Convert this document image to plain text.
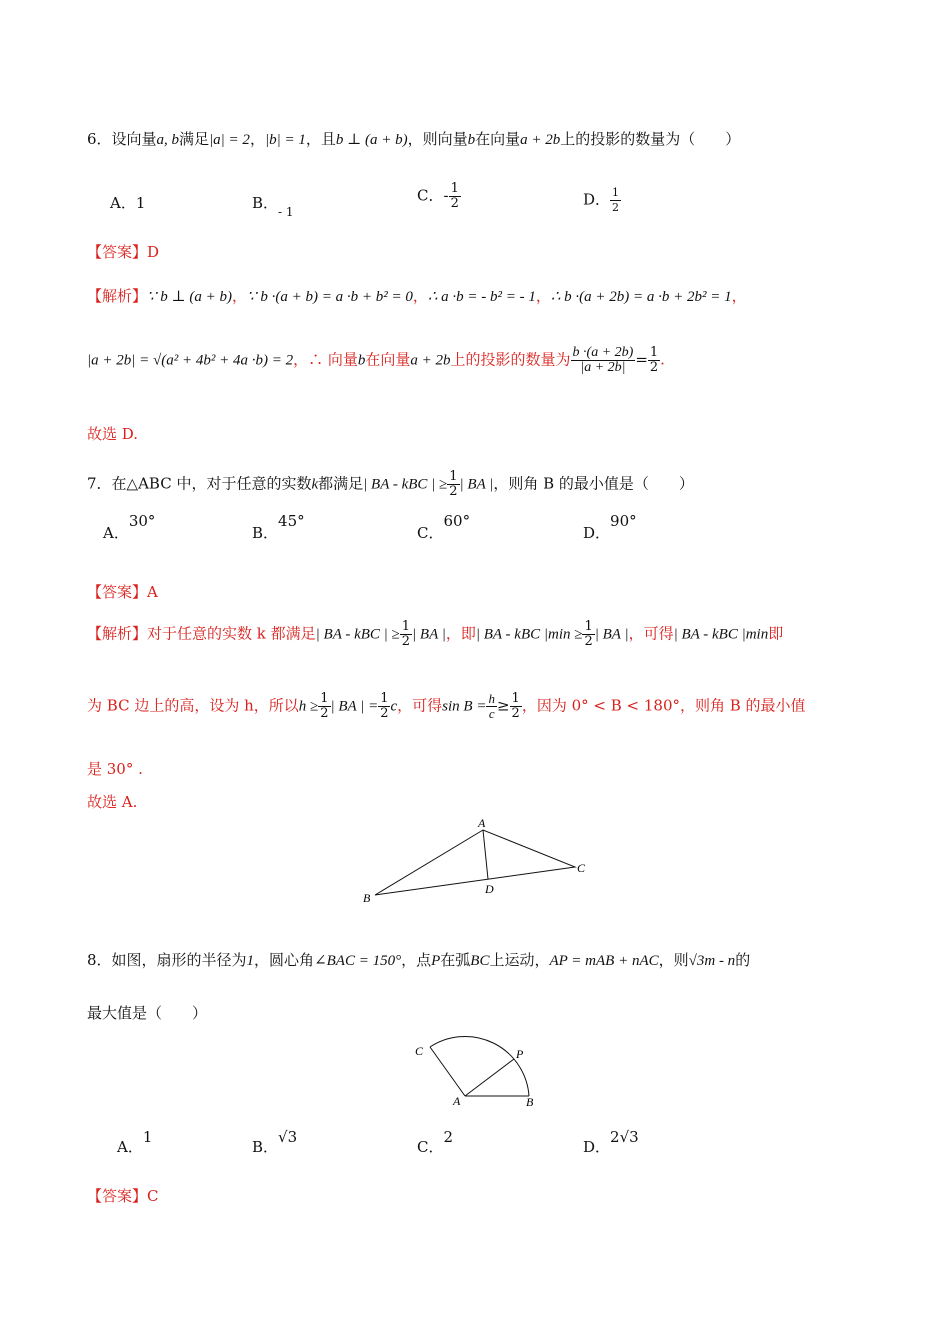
6．设向量a, b满足|a| = 2，|b| = 1，且b ⊥ (a + b)，则向量b在向量a + 2b上的投影的数量为（　　）
A．1	B．$_{- 1}$
C．- $\frac{1}{2}$	D． $\frac{1}{2}$
【答案】D
【解析】∵ b ⊥ (a + b)，∵ b ·(a + b) = a ·b + b² = 0，∴ a ·b = - b² = - 1，∴ b ·(a + 2b) = a ·b + 2b² = 1，
|a + 2b| = √(a² + 4b² + 4a ·b) = 2，∴ 向量b在向量a + 2b上的投影的数量为 $\frac{b \cdot(a + 2b)}{|a + 2b|} = \frac{1}{2}$ .
故选 D.
7．在△ABC 中，对于任意的实数k都满足| BA - kBC | ≥ $\frac{1}{2}$ | BA |，则角 B 的最小值是（　　）
A．30°
B．45°
C．60°
D．90°
【答案】A
【解析】对于任意的实数 k 都满足| BA - kBC | ≥ $\frac{1}{2}$ | BA |，即| BA - kBC $|\min \ge \frac{1}{2}$ | BA |，可得| BA - kBC |min即
为 BC 边上的高，设为 h，所以$h \ge \frac{1}{2}$ | BA | = $\frac{1}{2}$ c，可得$\sin B = \frac{h}{c} \ge \frac{1}{2}$ ，因为 0° < B < 180°，则角 B 的最小值
是 30° .
故选 A.
A
B
C
D
8．如图，扇形的半径为1，圆心角∠BAC = 150°，点P在弧BC上运动，AP = mAB + nAC，则√3m - n的
最大值是（　　）
C	P
A	B
A．1
B．√3
C．2
D．2√3
【答案】C
